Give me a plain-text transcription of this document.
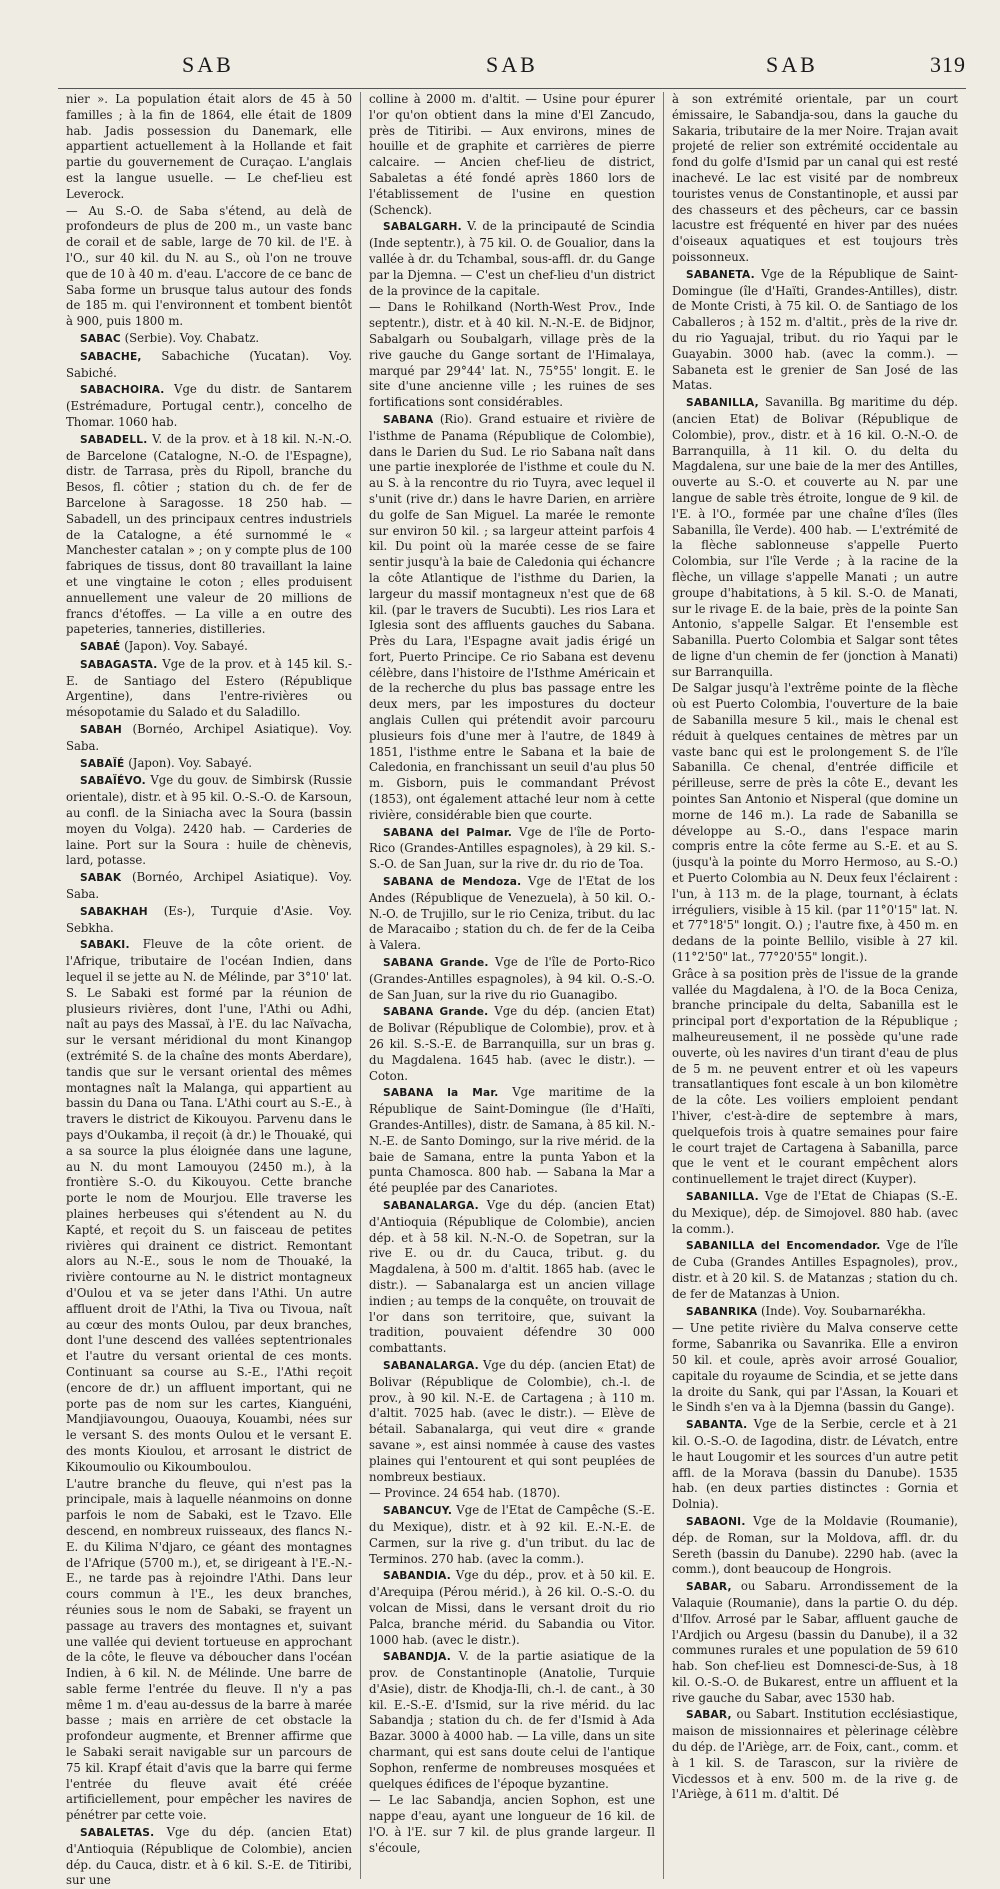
SAB	SAB	SAB	319

nier ». La population était alors de 45 à 50 familles ; à la fin de 1864, elle était de 1809 hab. Jadis possession du Danemark, elle appartient actuellement à la Hollande et fait partie du gouvernement de Curaçao. L'anglais est la langue usuelle. — Le chef-lieu est Leverock.

— Au S.-O. de Saba s'étend, au delà de profondeurs de plus de 200 m., un vaste banc de corail et de sable, large de 70 kil. de l'E. à l'O., sur 40 kil. du N. au S., où l'on ne trouve que de 10 à 40 m. d'eau. L'accore de ce banc de Saba forme un brusque talus autour des fonds de 185 m. qui l'environnent et tombent bientôt à 900, puis 1800 m.

SABAC (Serbie). Voy. Chabatz.

SABACHE, Sabachiche (Yucatan). Voy. Sabiché.

SABACHOIRA. Vge du distr. de Santarem (Estrémadure, Portugal centr.), concelho de Thomar. 1060 hab.

SABADELL. V. de la prov. et à 18 kil. N.-N.-O. de Barcelone (Catalogne, N.-O. de l'Espagne), distr. de Tarrasa, près du Ripoll, branche du Besos, fl. côtier ; station du ch. de fer de Barcelone à Saragosse. 18 250 hab. — Sabadell, un des principaux centres industriels de la Catalogne, a été surnommé le « Manchester catalan » ; on y compte plus de 100 fabriques de tissus, dont 80 travaillant la laine et une vingtaine le coton ; elles produisent annuellement une valeur de 20 millions de francs d'étoffes. — La ville a en outre des papeteries, tanneries, distilleries.

SABAÉ (Japon). Voy. Sabayé.

SABAGASTA. Vge de la prov. et à 145 kil. S.-E. de Santiago del Estero (République Argentine), dans l'entre-rivières ou mésopotamie du Salado et du Saladillo.

SABAH (Bornéo, Archipel Asiatique). Voy. Saba.

SABAÏÉ (Japon). Voy. Sabayé.

SABAÏÉVO. Vge du gouv. de Simbirsk (Russie orientale), distr. et à 95 kil. O.-S.-O. de Karsoun, au confl. de la Siniacha avec la Soura (bassin moyen du Volga). 2420 hab. — Carderies de laine. Port sur la Soura : huile de chènevis, lard, potasse.

SABAK (Bornéo, Archipel Asiatique). Voy. Saba.

SABAKHAH (Es-), Turquie d'Asie. Voy. Sebkha.

SABAKI. Fleuve de la côte orient. de l'Afrique, tributaire de l'océan Indien, dans lequel il se jette au N. de Mélinde, par 3°10' lat. S. Le Sabaki est formé par la réunion de plusieurs rivières, dont l'une, l'Athi ou Adhi, naît au pays des Massaï, à l'E. du lac Naïvacha, sur le versant méridional du mont Kinangop (extrémité S. de la chaîne des monts Aberdare), tandis que sur le versant oriental des mêmes montagnes naît la Malanga, qui appartient au bassin du Dana ou Tana. L'Athi court au S.-E., à travers le district de Kikouyou. Parvenu dans le pays d'Oukamba, il reçoit (à dr.) le Thouaké, qui a sa source la plus éloignée dans une lagune, au N. du mont Lamouyou (2450 m.), à la frontière S.-O. du Kikouyou. Cette branche porte le nom de Mourjou. Elle traverse les plaines herbeuses qui s'étendent au N. du Kapté, et reçoit du S. un faisceau de petites rivières qui drainent ce district. Remontant alors au N.-E., sous le nom de Thouaké, la rivière contourne au N. le district montagneux d'Oulou et va se jeter dans l'Athi. Un autre affluent droit de l'Athi, la Tiva ou Tivoua, naît au cœur des monts Oulou, par deux branches, dont l'une descend des vallées septentrionales et l'autre du versant oriental de ces monts. Continuant sa course au S.-E., l'Athi reçoit (encore de dr.) un affluent important, qui ne porte pas de nom sur les cartes, Kianguéni, Mandjiavoungou, Ouaouya, Kouambi, nées sur le versant S. des monts Oulou et le versant E. des monts Kioulou, et arrosant le district de Kikoumoulio ou Kikoumboulou.

L'autre branche du fleuve, qui n'est pas la principale, mais à laquelle néanmoins on donne parfois le nom de Sabaki, est le Tzavo. Elle descend, en nombreux ruisseaux, des flancs N.-E. du Kilima N'djaro, ce géant des montagnes de l'Afrique (5700 m.), et, se dirigeant à l'E.-N.-E., ne tarde pas à rejoindre l'Athi. Dans leur cours commun à l'E., les deux branches, réunies sous le nom de Sabaki, se frayent un passage au travers des montagnes et, suivant une vallée qui devient tortueuse en approchant de la côte, le fleuve va déboucher dans l'océan Indien, à 6 kil. N. de Mélinde. Une barre de sable ferme l'entrée du fleuve. Il n'y a pas même 1 m. d'eau au-dessus de la barre à marée basse ; mais en arrière de cet obstacle la profondeur augmente, et Brenner affirme que le Sabaki serait navigable sur un parcours de 75 kil. Krapf était d'avis que la barre qui ferme l'entrée du fleuve avait été créée artificiellement, pour empêcher les navires de pénétrer par cette voie.

SABALETAS. Vge du dép. (ancien Etat) d'Antioquia (République de Colombie), ancien dép. du Cauca, distr. et à 6 kil. S.-E. de Titiribi, sur une

colline à 2000 m. d'altit. — Usine pour épurer l'or qu'on obtient dans la mine d'El Zancudo, près de Titiribi. — Aux environs, mines de houille et de graphite et carrières de pierre calcaire. — Ancien chef-lieu de district, Sabaletas a été fondé après 1860 lors de l'établissement de l'usine en question (Schenck).

SABALGARH. V. de la principauté de Scindia (Inde septentr.), à 75 kil. O. de Goualior, dans la vallée à dr. du Tchambal, sous-affl. dr. du Gange par la Djemna. — C'est un chef-lieu d'un district de la province de la capitale.

— Dans le Rohilkand (North-West Prov., Inde septentr.), distr. et à 40 kil. N.-N.-E. de Bidjnor, Sabalgarh ou Soubalgarh, village près de la rive gauche du Gange sortant de l'Himalaya, marqué par 29°44' lat. N., 75°55' longit. E. le site d'une ancienne ville ; les ruines de ses fortifications sont considérables.

SABANA (Rio). Grand estuaire et rivière de l'isthme de Panama (République de Colombie), dans le Darien du Sud. Le rio Sabana naît dans une partie inexplorée de l'isthme et coule du N. au S. à la rencontre du rio Tuyra, avec lequel il s'unit (rive dr.) dans le havre Darien, en arrière du golfe de San Miguel. La marée le remonte sur environ 50 kil. ; sa largeur atteint parfois 4 kil. Du point où la marée cesse de se faire sentir jusqu'à la baie de Caledonia qui échancre la côte Atlantique de l'isthme du Darien, la largeur du massif montagneux n'est que de 68 kil. (par le travers de Sucubti). Les rios Lara et Iglesia sont des affluents gauches du Sabana. Près du Lara, l'Espagne avait jadis érigé un fort, Puerto Principe. Ce rio Sabana est devenu célèbre, dans l'histoire de l'Isthme Américain et de la recherche du plus bas passage entre les deux mers, par les impostures du docteur anglais Cullen qui prétendit avoir parcouru plusieurs fois d'une mer à l'autre, de 1849 à 1851, l'isthme entre le Sabana et la baie de Caledonia, en franchissant un seuil d'au plus 50 m. Gisborn, puis le commandant Prévost (1853), ont également attaché leur nom à cette rivière, considérable bien que courte.

SABANA del Palmar. Vge de l'île de Porto-Rico (Grandes-Antilles espagnoles), à 29 kil. S.-S.-O. de San Juan, sur la rive dr. du rio de Toa.

SABANA de Mendoza. Vge de l'Etat de los Andes (République de Venezuela), à 50 kil. O.-N.-O. de Trujillo, sur le rio Ceniza, tribut. du lac de Maracaibo ; station du ch. de fer de la Ceiba à Valera.

SABANA Grande. Vge de l'île de Porto-Rico (Grandes-Antilles espagnoles), à 94 kil. O.-S.-O. de San Juan, sur la rive du rio Guanagibo.

SABANA Grande. Vge du dép. (ancien Etat) de Bolivar (République de Colombie), prov. et à 26 kil. S.-S.-E. de Barranquilla, sur un bras g. du Magdalena. 1645 hab. (avec le distr.). — Coton.

SABANA la Mar. Vge maritime de la République de Saint-Domingue (île d'Haïti, Grandes-Antilles), distr. de Samana, à 85 kil. N.-N.-E. de Santo Domingo, sur la rive mérid. de la baie de Samana, entre la punta Yabon et la punta Chamosca. 800 hab. — Sabana la Mar a été peuplée par des Canariotes.

SABANALARGA. Vge du dép. (ancien Etat) d'Antioquia (République de Colombie), ancien dép. et à 58 kil. N.-N.-O. de Sopetran, sur la rive E. ou dr. du Cauca, tribut. g. du Magdalena, à 500 m. d'altit. 1865 hab. (avec le distr.). — Sabanalarga est un ancien village indien ; au temps de la conquête, on trouvait de l'or dans son territoire, que, suivant la tradition, pouvaient défendre 30 000 combattants.

SABANALARGA. Vge du dép. (ancien Etat) de Bolivar (République de Colombie), ch.-l. de prov., à 90 kil. N.-E. de Cartagena ; à 110 m. d'altit. 7025 hab. (avec le distr.). — Elève de bétail. Sabanalarga, qui veut dire « grande savane », est ainsi nommée à cause des vastes plaines qui l'entourent et qui sont peuplées de nombreux bestiaux.

— Province. 24 654 hab. (1870).

SABANCUY. Vge de l'Etat de Campêche (S.-E. du Mexique), distr. et à 92 kil. E.-N.-E. de Carmen, sur la rive g. d'un tribut. du lac de Terminos. 270 hab. (avec la comm.).

SABANDIA. Vge du dép., prov. et à 50 kil. E. d'Arequipa (Pérou mérid.), à 26 kil. O.-S.-O. du volcan de Missi, dans le versant droit du rio Palca, branche mérid. du Sabandia ou Vitor. 1000 hab. (avec le distr.).

SABANDJA. V. de la partie asiatique de la prov. de Constantinople (Anatolie, Turquie d'Asie), distr. de Khodja-Ili, ch.-l. de cant., à 30 kil. E.-S.-E. d'Ismid, sur la rive mérid. du lac Sabandja ; station du ch. de fer d'Ismid à Ada Bazar. 3000 à 4000 hab. — La ville, dans un site charmant, qui est sans doute celui de l'antique Sophon, renferme de nombreuses mosquées et quelques édifices de l'époque byzantine.

— Le lac Sabandja, ancien Sophon, est une nappe d'eau, ayant une longueur de 16 kil. de l'O. à l'E. sur 7 kil. de plus grande largeur. Il s'écoule,

à son extrémité orientale, par un court émissaire, le Sabandja-sou, dans la gauche du Sakaria, tributaire de la mer Noire. Trajan avait projeté de relier son extrémité occidentale au fond du golfe d'Ismid par un canal qui est resté inachevé. Le lac est visité par de nombreux touristes venus de Constantinople, et aussi par des chasseurs et des pêcheurs, car ce bassin lacustre est fréquenté en hiver par des nuées d'oiseaux aquatiques et est toujours très poissonneux.

SABANETA. Vge de la République de Saint-Domingue (île d'Haïti, Grandes-Antilles), distr. de Monte Cristi, à 75 kil. O. de Santiago de los Caballeros ; à 152 m. d'altit., près de la rive dr. du rio Yaguajal, tribut. du rio Yaqui par le Guayabin. 3000 hab. (avec la comm.). — Sabaneta est le grenier de San José de las Matas.

SABANILLA, Savanilla. Bg maritime du dép. (ancien Etat) de Bolivar (République de Colombie), prov., distr. et à 16 kil. O.-N.-O. de Barranquilla, à 11 kil. O. du delta du Magdalena, sur une baie de la mer des Antilles, ouverte au S.-O. et couverte au N. par une langue de sable très étroite, longue de 9 kil. de l'E. à l'O., formée par une chaîne d'îles (îles Sabanilla, île Verde). 400 hab. — L'extrémité de la flèche sablonneuse s'appelle Puerto Colombia, sur l'île Verde ; à la racine de la flèche, un village s'appelle Manati ; un autre groupe d'habitations, à 5 kil. S.-O. de Manati, sur le rivage E. de la baie, près de la pointe San Antonio, s'appelle Salgar. Et l'ensemble est Sabanilla. Puerto Colombia et Salgar sont têtes de ligne d'un chemin de fer (jonction à Manati) sur Barranquilla.

De Salgar jusqu'à l'extrême pointe de la flèche où est Puerto Colombia, l'ouverture de la baie de Sabanilla mesure 5 kil., mais le chenal est réduit à quelques centaines de mètres par un vaste banc qui est le prolongement S. de l'île Sabanilla. Ce chenal, d'entrée difficile et périlleuse, serre de près la côte E., devant les pointes San Antonio et Nisperal (que domine un morne de 146 m.). La rade de Sabanilla se développe au S.-O., dans l'espace marin compris entre la côte ferme au S.-E. et au S. (jusqu'à la pointe du Morro Hermoso, au S.-O.) et Puerto Colombia au N. Deux feux l'éclairent : l'un, à 113 m. de la plage, tournant, à éclats irréguliers, visible à 15 kil. (par 11°0'15" lat. N. et 77°18'5" longit. O.) ; l'autre fixe, à 450 m. en dedans de la pointe Bellilo, visible à 27 kil. (11°2'50" lat., 77°20'55" longit.).

Grâce à sa position près de l'issue de la grande vallée du Magdalena, à l'O. de la Boca Ceniza, branche principale du delta, Sabanilla est le principal port d'exportation de la République ; malheureusement, il ne possède qu'une rade ouverte, où les navires d'un tirant d'eau de plus de 5 m. ne peuvent entrer et où les vapeurs transatlantiques font escale à un bon kilomètre de la côte. Les voiliers emploient pendant l'hiver, c'est-à-dire de septembre à mars, quelquefois trois à quatre semaines pour faire le court trajet de Cartagena à Sabanilla, parce que le vent et le courant empêchent alors continuellement le trajet direct (Kuyper).

SABANILLA. Vge de l'Etat de Chiapas (S.-E. du Mexique), dép. de Simojovel. 880 hab. (avec la comm.).

SABANILLA del Encomendador. Vge de l'île de Cuba (Grandes Antilles Espagnoles), prov., distr. et à 20 kil. S. de Matanzas ; station du ch. de fer de Matanzas à Union.

SABANRIKA (Inde). Voy. Soubarnarékha.

— Une petite rivière du Malva conserve cette forme, Sabanrika ou Savanrika. Elle a environ 50 kil. et coule, après avoir arrosé Goualior, capitale du royaume de Scindia, et se jette dans la droite du Sank, qui par l'Assan, la Kouari et le Sindh s'en va à la Djemna (bassin du Gange).

SABANTA. Vge de la Serbie, cercle et à 21 kil. O.-S.-O. de Iagodina, distr. de Lévatch, entre le haut Lougomir et les sources d'un autre petit affl. de la Morava (bassin du Danube). 1535 hab. (en deux parties distinctes : Gornia et Dolnia).

SABAONI. Vge de la Moldavie (Roumanie), dép. de Roman, sur la Moldova, affl. dr. du Sereth (bassin du Danube). 2290 hab. (avec la comm.), dont beaucoup de Hongrois.

SABAR, ou Sabaru. Arrondissement de la Valaquie (Roumanie), dans la partie O. du dép. d'Ilfov. Arrosé par le Sabar, affluent gauche de l'Ardjich ou Argesu (bassin du Danube), il a 32 communes rurales et une population de 59 610 hab. Son chef-lieu est Domnesci-de-Sus, à 18 kil. O.-S.-O. de Bukarest, entre un affluent et la rive gauche du Sabar, avec 1530 hab.

SABAR, ou Sabart. Institution ecclésiastique, maison de missionnaires et pèlerinage célèbre du dép. de l'Ariège, arr. de Foix, cant., comm. et à 1 kil. S. de Tarascon, sur la rivière de Vicdessos et à env. 500 m. de la rive g. de l'Ariège, à 611 m. d'altit. Dé
